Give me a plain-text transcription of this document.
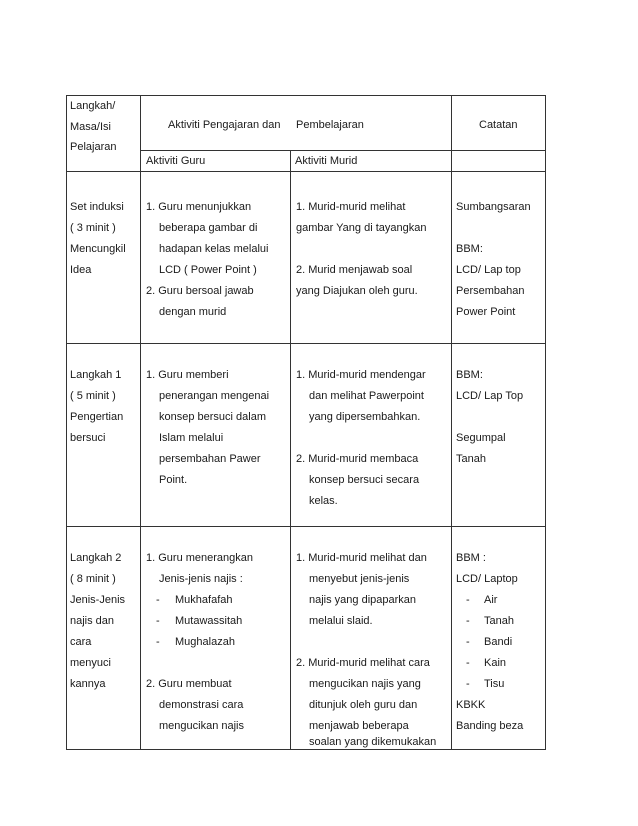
Langkah/
Masa/Isi
Pelajaran
Aktiviti Pengajaran dan Pembelajaran	Catatan
Aktiviti Guru	Aktiviti Murid
Set induksi
( 3 minit )
Mencungkil
Idea
1. Guru menunjukkan
beberapa gambar di
hadapan kelas melalui
LCD ( Power Point )
2. Guru bersoal jawab
dengan murid
1. Murid-murid melihat
gambar Yang di tayangkan
2. Murid menjawab soal
yang Diajukan oleh guru.
Sumbangsaran
BBM:
LCD/ Lap top
Persembahan
Power Point
Langkah 1
( 5 minit )
Pengertian
bersuci
1. Guru memberi
penerangan mengenai
konsep bersuci dalam
Islam melalui
persembahan Pawer
Point.
1. Murid-murid mendengar
dan melihat Pawerpoint
yang dipersembahkan.
2. Murid-murid membaca
konsep bersuci secara
kelas.
BBM:
LCD/ Lap Top
Segumpal
Tanah
Langkah 2
( 8 minit )
Jenis-Jenis
najis dan
cara
menyuci
kannya
1. Guru menerangkan
Jenis-jenis najis :
- Mukhafafah
- Mutawassitah
- Mughalazah
2. Guru membuat
demonstrasi cara
mengucikan najis
1. Murid-murid melihat dan
menyebut jenis-jenis
najis yang dipaparkan
melalui slaid.
2. Murid-murid melihat cara
mengucikan najis yang
ditunjuk oleh guru dan
menjawab beberapa
soalan yang dikemukakan
BBM :
LCD/ Laptop
- Air
- Tanah
- Bandi
- Kain
- Tisu
KBKK
Banding beza
